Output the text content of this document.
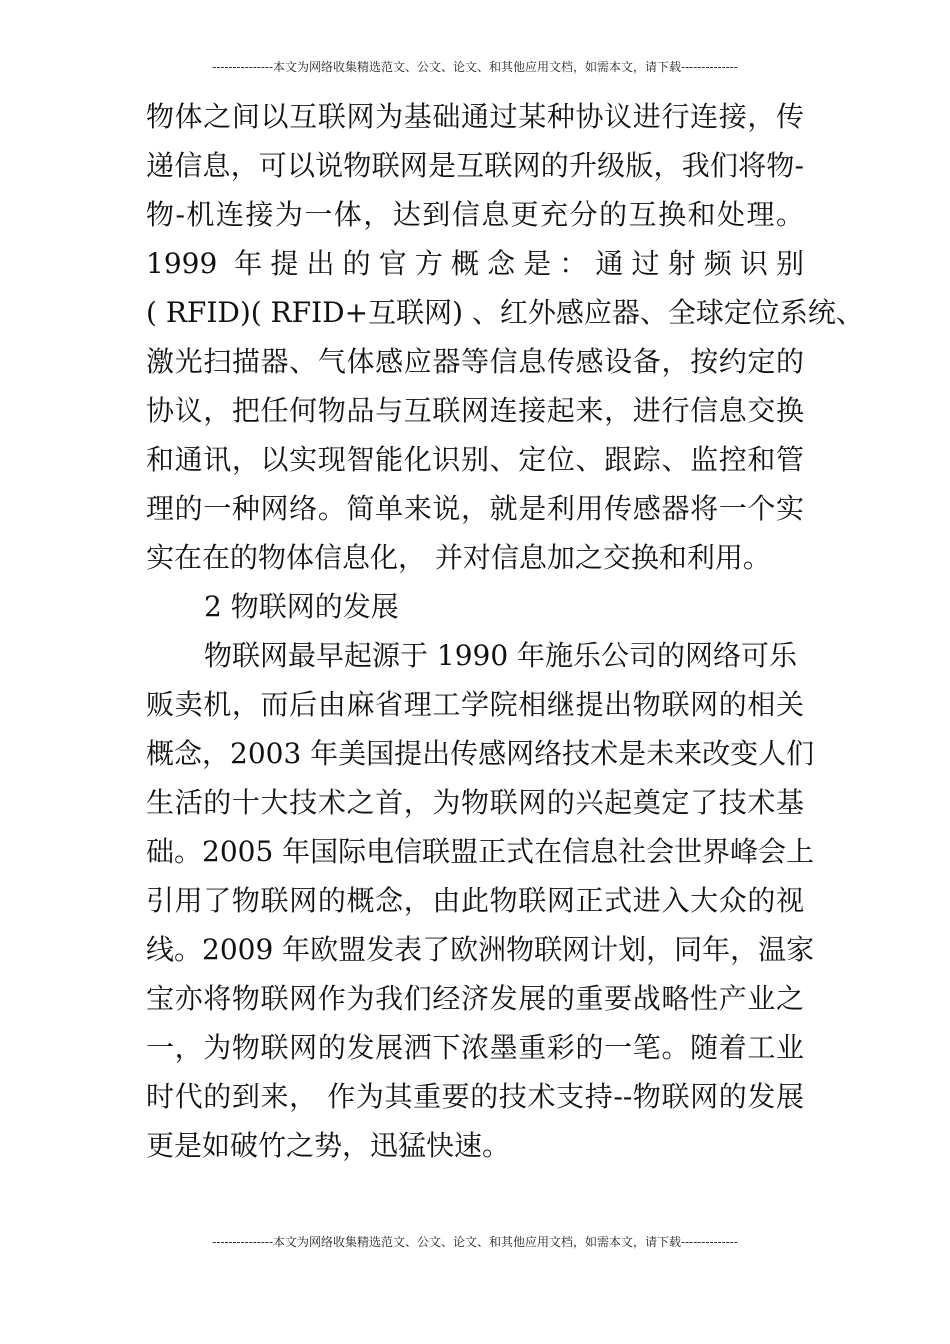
---------------本文为网络收集精选范文、公文、论文、和其他应用文档，如需本文，请下载--------------
物体之间以互联网为基础通过某种协议进行连接，传
递信息，可以说物联网是互联网的升级版，我们将物-
物-机连接为一体，达到信息更充分的互换和处理。
1999 年提出的官方概念是：通过射频识别
( RFID)( RFID+互联网) 、红外感应器、全球定位系统、
激光扫描器、气体感应器等信息传感设备，按约定的
协议，把任何物品与互联网连接起来，进行信息交换
和通讯，以实现智能化识别、定位、跟踪、监控和管
理的一种网络。简单来说，就是利用传感器将一个实
实在在的物体信息化， 并对信息加之交换和利用。
2 物联网的发展
物联网最早起源于 1990 年施乐公司的网络可乐
贩卖机，而后由麻省理工学院相继提出物联网的相关
概念，2003 年美国提出传感网络技术是未来改变人们
生活的十大技术之首，为物联网的兴起奠定了技术基
础。2005 年国际电信联盟正式在信息社会世界峰会上
引用了物联网的概念，由此物联网正式进入大众的视
线。2009 年欧盟发表了欧洲物联网计划，同年，温家
宝亦将物联网作为我们经济发展的重要战略性产业之
一，为物联网的发展洒下浓墨重彩的一笔。随着工业
时代的到来， 作为其重要的技术支持--物联网的发展
更是如破竹之势，迅猛快速。
---------------本文为网络收集精选范文、公文、论文、和其他应用文档，如需本文，请下载--------------
